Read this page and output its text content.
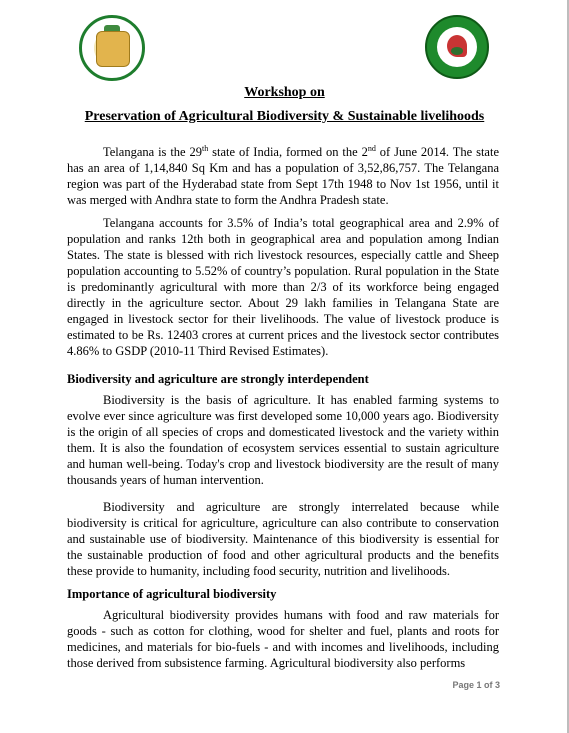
Workshop on
Preservation of Agricultural Biodiversity & Sustainable livelihoods
Telangana is the 29th state of India, formed on the 2nd of June 2014. The state has an area of 1,14,840 Sq Km and has a population of 3,52,86,757. The Telangana region was part of the Hyderabad state from Sept 17th 1948 to Nov 1st 1956, until it was merged with Andhra state to form the Andhra Pradesh state.
Telangana accounts for 3.5% of India’s total geographical area and 2.9% of population and ranks 12th both in geographical area and population among Indian States. The state is blessed with rich livestock resources, especially cattle and Sheep population accounting to 5.52% of country’s population. Rural population in the State is predominantly agricultural with more than 2/3 of its workforce being engaged directly in the agriculture sector. About 29 lakh families in Telangana State are engaged in livestock sector for their livelihoods. The value of livestock produce is estimated to be Rs. 12403 crores at current prices and the livestock sector contributes 4.86% to GSDP (2010-11 Third Revised Estimates).
Biodiversity and agriculture are strongly interdependent
Biodiversity is the basis of agriculture. It has enabled farming systems to evolve ever since agriculture was first developed some 10,000 years ago. Biodiversity is the origin of all species of crops and domesticated livestock and the variety within them. It is also the foundation of ecosystem services essential to sustain agriculture and human well-being. Today's crop and livestock biodiversity are the result of many thousands years of human intervention.
Biodiversity and agriculture are strongly interrelated because while biodiversity is critical for agriculture, agriculture can also contribute to conservation and sustainable use of biodiversity. Maintenance of this biodiversity is essential for the sustainable production of food and other agricultural products and the benefits these provide to humanity, including food security, nutrition and livelihoods.
Importance of agricultural biodiversity
Agricultural biodiversity provides humans with food and raw materials for goods - such as cotton for clothing, wood for shelter and fuel, plants and roots for medicines, and materials for bio-fuels - and with incomes and livelihoods, including those derived from subsistence farming. Agricultural biodiversity also performs
Page 1 of 3
